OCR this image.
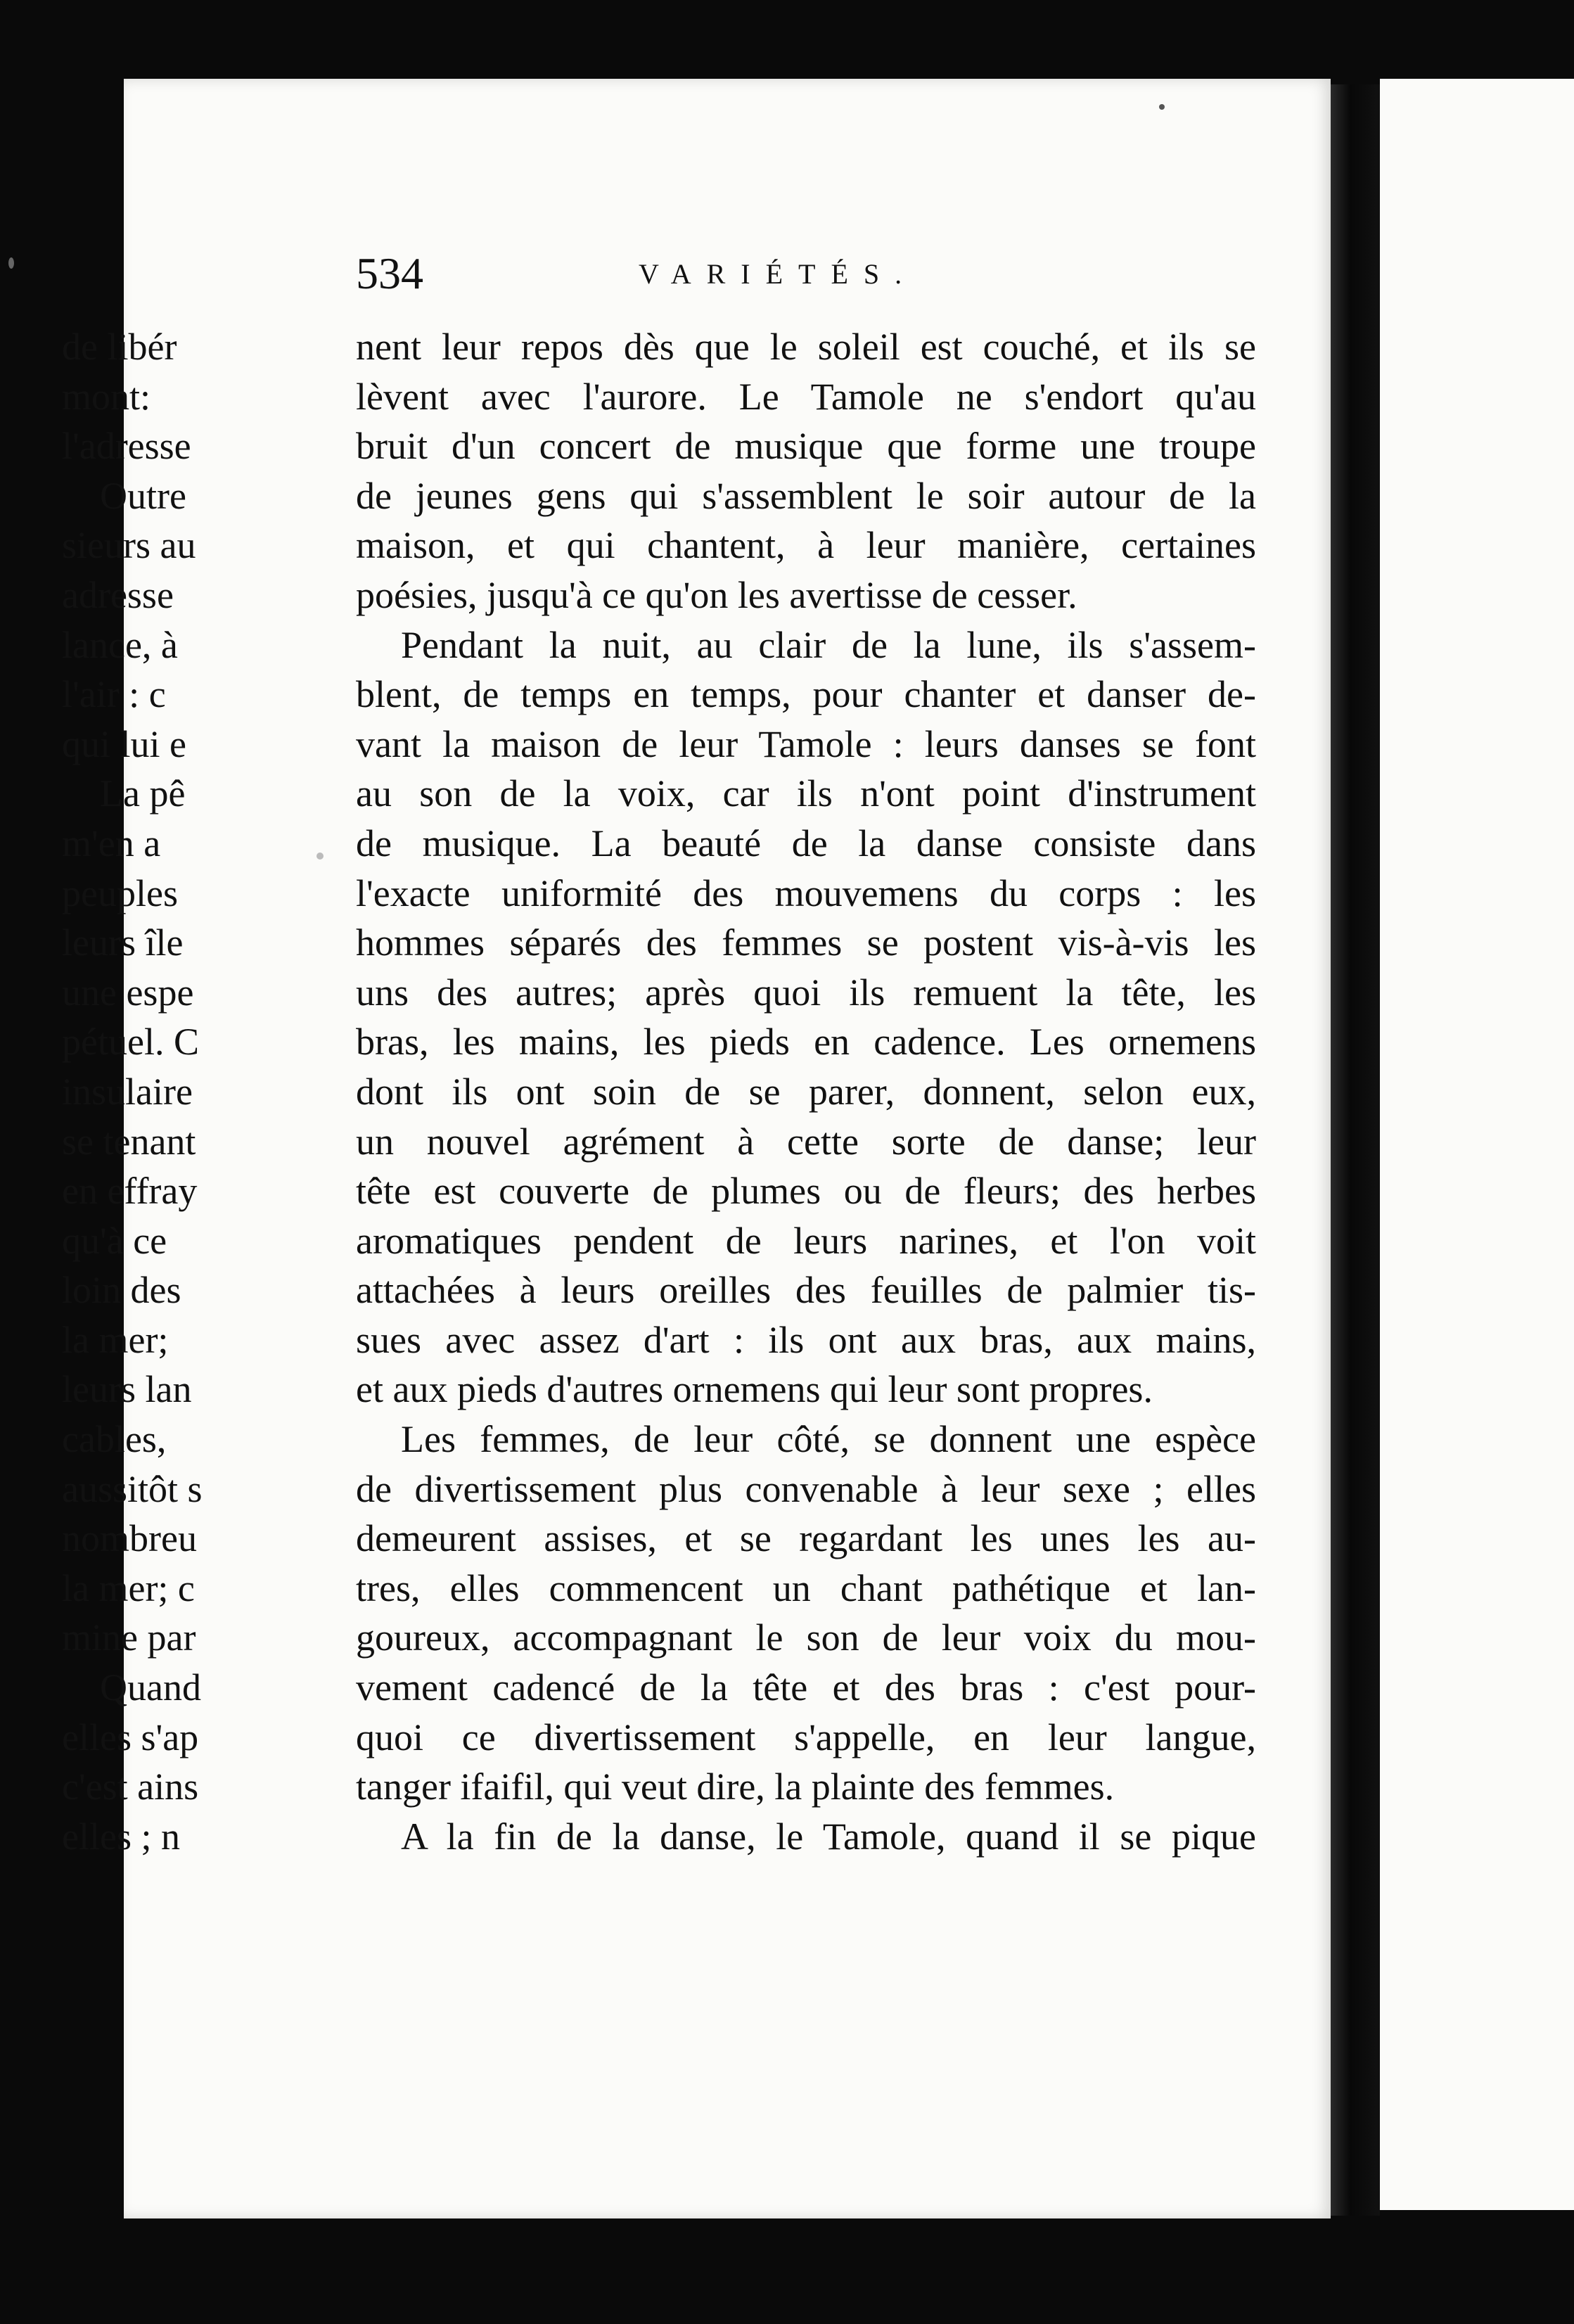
534	VARIÉTÉS.
nent leur repos dès que le soleil est couché, et ils se
lèvent avec l'aurore. Le Tamole ne s'endort qu'au
bruit d'un concert de musique que forme une troupe
de jeunes gens qui s'assemblent le soir autour de la
maison, et qui chantent, à leur manière, certaines
poésies, jusqu'à ce qu'on les avertisse de cesser.
Pendant la nuit, au clair de la lune, ils s'assem-
blent, de temps en temps, pour chanter et danser de-
vant la maison de leur Tamole : leurs danses se font
au son de la voix, car ils n'ont point d'instrument
de musique. La beauté de la danse consiste dans
l'exacte uniformité des mouvemens du corps : les
hommes séparés des femmes se postent vis-à-vis les
uns des autres; après quoi ils remuent la tête, les
bras, les mains, les pieds en cadence. Les ornemens
dont ils ont soin de se parer, donnent, selon eux,
un nouvel agrément à cette sorte de danse; leur
tête est couverte de plumes ou de fleurs; des herbes
aromatiques pendent de leurs narines, et l'on voit
attachées à leurs oreilles des feuilles de palmier tis-
sues avec assez d'art : ils ont aux bras, aux mains,
et aux pieds d'autres ornemens qui leur sont propres.
Les femmes, de leur côté, se donnent une espèce
de divertissement plus convenable à leur sexe ; elles
demeurent assises, et se regardant les unes les au-
tres, elles commencent un chant pathétique et lan-
goureux, accompagnant le son de leur voix du mou-
vement cadencé de la tête et des bras : c'est pour-
quoi ce divertissement s'appelle, en leur langue,
tanger ifaifil, qui veut dire, la plainte des femmes.
A la fin de la danse, le Tamole, quand il se pique
de libér
mont:
l'adresse
Outre
sieurs au
adresse
lance, à
l'air : c
qui lui e
La pê
m'en a
peuples
leurs île
une espe
pétuel. C
insulaire
se tenant
en effray
qu'à ce
loin des
la mer;
leurs lan
cables,
aussitôt s
nombreu
la mer; c
mine par
Quand
elles s'ap
c'est ains
elles ; n
